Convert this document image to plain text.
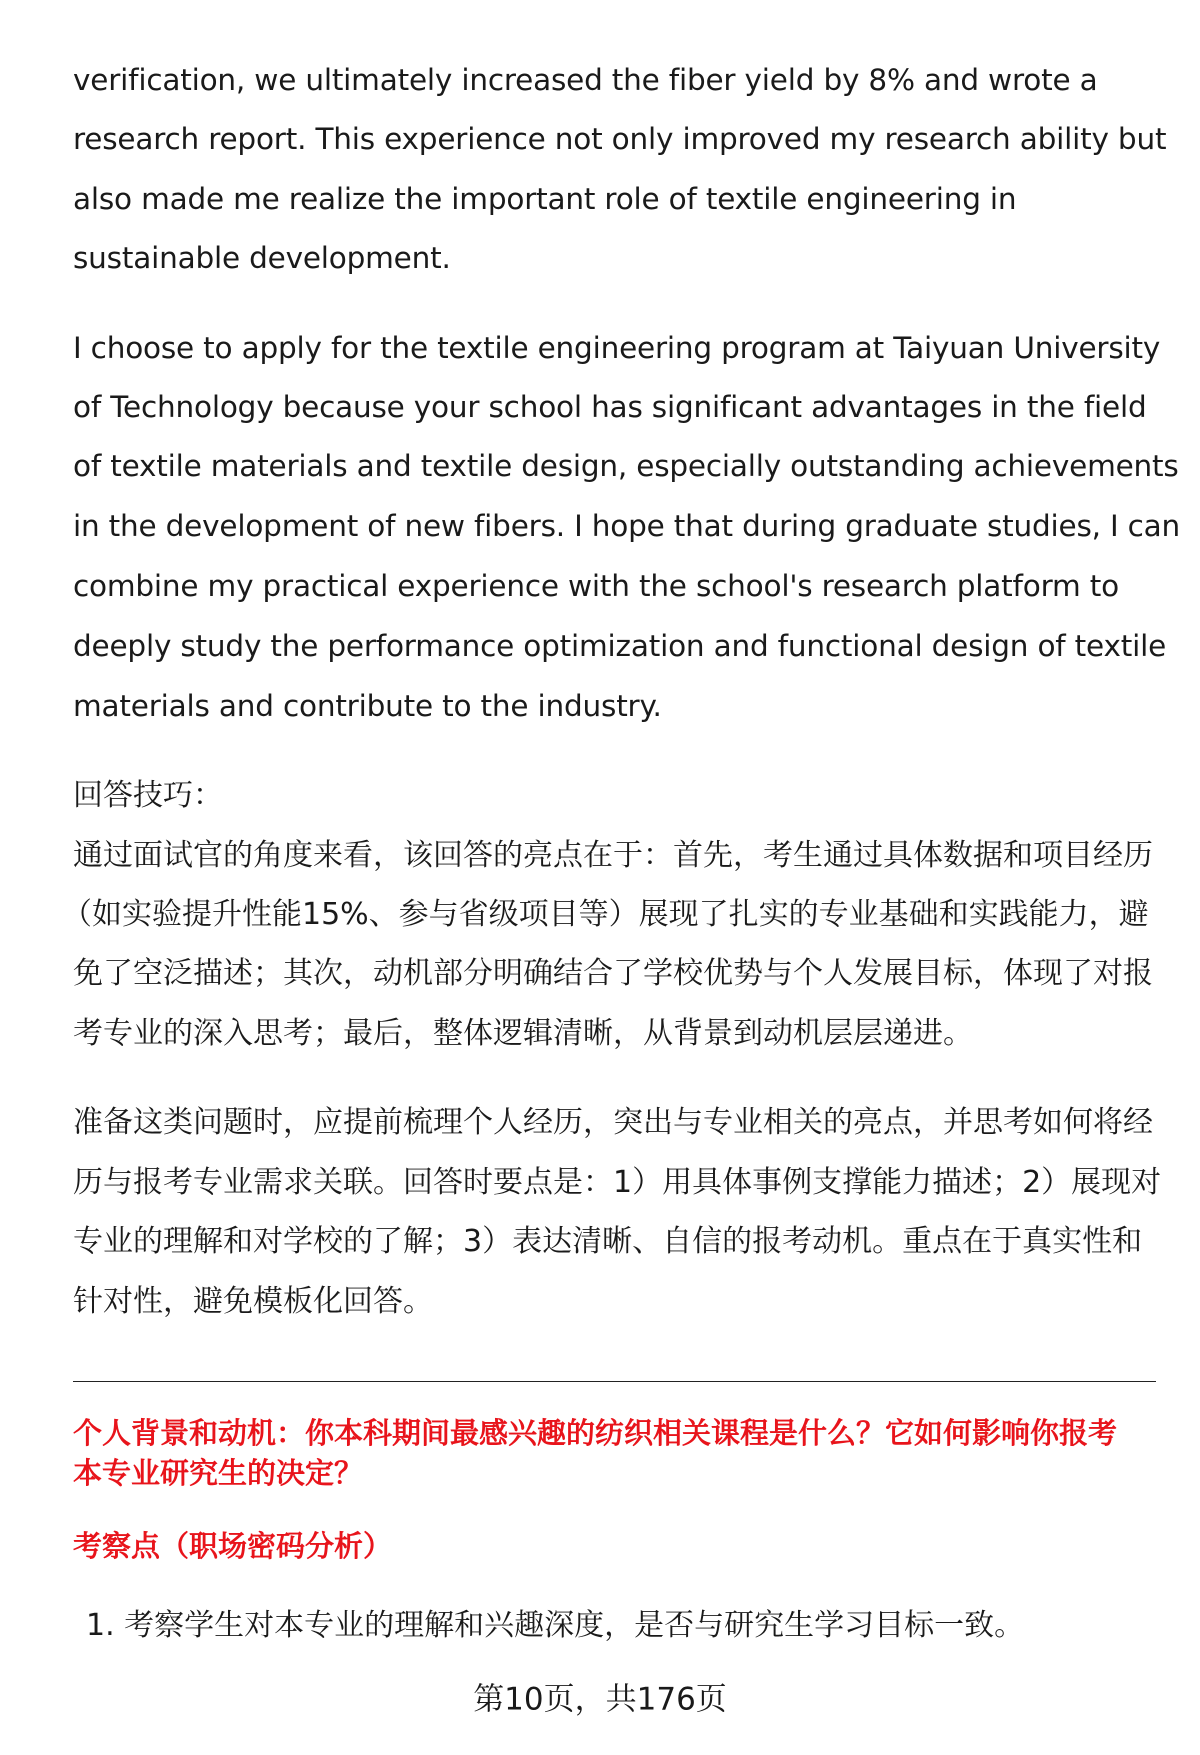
verification, we ultimately increased the fiber yield by 8% and wrote a
research report. This experience not only improved my research ability but
also made me realize the important role of textile engineering in
sustainable development.
I choose to apply for the textile engineering program at Taiyuan University
of Technology because your school has significant advantages in the field
of textile materials and textile design, especially outstanding achievements
in the development of new fibers. I hope that during graduate studies, I can
combine my practical experience with the school's research platform to
deeply study the performance optimization and functional design of textile
materials and contribute to the industry.
回答技巧：
通过面试官的角度来看，该回答的亮点在于：首先，考生通过具体数据和项目经历
（如实验提升性能15%、参与省级项目等）展现了扎实的专业基础和实践能力，避
免了空泛描述；其次，动机部分明确结合了学校优势与个人发展目标，体现了对报
考专业的深入思考；最后，整体逻辑清晰，从背景到动机层层递进。
准备这类问题时，应提前梳理个人经历，突出与专业相关的亮点，并思考如何将经
历与报考专业需求关联。回答时要点是：1）用具体事例支撑能力描述；2）展现对
专业的理解和对学校的了解；3）表达清晰、自信的报考动机。重点在于真实性和
针对性，避免模板化回答。
个人背景和动机：你本科期间最感兴趣的纺织相关课程是什么？它如何影响你报考
本专业研究生的决定？
考察点（职场密码分析）
1. 考察学生对本专业的理解和兴趣深度，是否与研究生学习目标一致。
第10页，共176页
